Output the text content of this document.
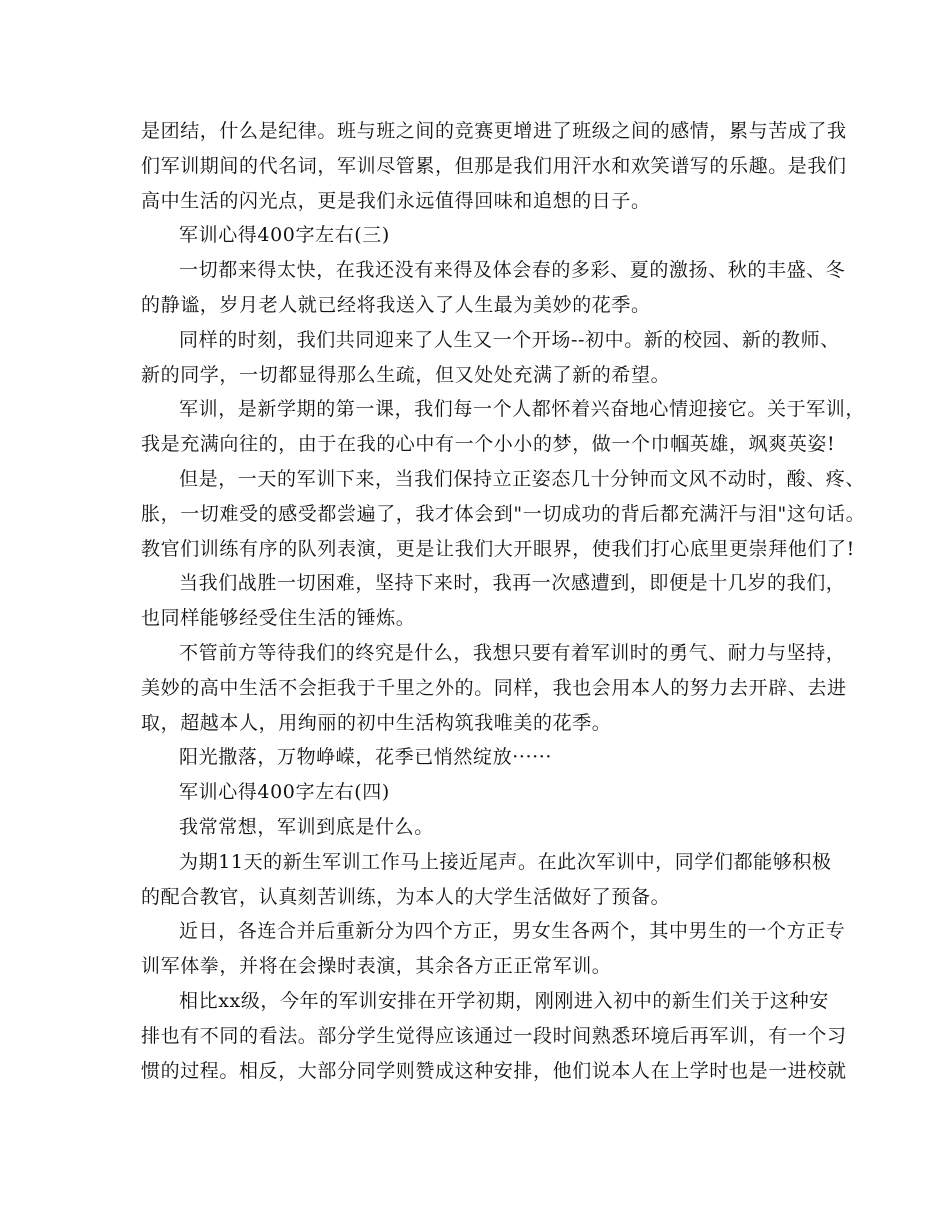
是团结，什么是纪律。班与班之间的竞赛更增进了班级之间的感情，累与苦成了我
们军训期间的代名词，军训尽管累，但那是我们用汗水和欢笑谱写的乐趣。是我们
高中生活的闪光点，更是我们永远值得回味和追想的日子。
军训心得400字左右(三)
一切都来得太快，在我还没有来得及体会春的多彩、夏的激扬、秋的丰盛、冬
的静谧，岁月老人就已经将我送入了人生最为美妙的花季。
同样的时刻，我们共同迎来了人生又一个开场--初中。新的校园、新的教师、
新的同学，一切都显得那么生疏，但又处处充满了新的希望。
军训，是新学期的第一课，我们每一个人都怀着兴奋地心情迎接它。关于军训，
我是充满向往的，由于在我的心中有一个小小的梦，做一个巾帼英雄，飒爽英姿!
但是，一天的军训下来，当我们保持立正姿态几十分钟而文风不动时，酸、疼、
胀，一切难受的感受都尝遍了，我才体会到"一切成功的背后都充满汗与泪"这句话。
教官们训练有序的队列表演，更是让我们大开眼界，使我们打心底里更崇拜他们了!
当我们战胜一切困难，坚持下来时，我再一次感遭到，即便是十几岁的我们，
也同样能够经受住生活的锤炼。
不管前方等待我们的终究是什么，我想只要有着军训时的勇气、耐力与坚持，
美妙的高中生活不会拒我于千里之外的。同样，我也会用本人的努力去开辟、去进
取，超越本人，用绚丽的初中生活构筑我唯美的花季。
阳光撒落，万物峥嵘，花季已悄然绽放······
军训心得400字左右(四)
我常常想，军训到底是什么。
为期11天的新生军训工作马上接近尾声。在此次军训中，同学们都能够积极
的配合教官，认真刻苦训练，为本人的大学生活做好了预备。
近日，各连合并后重新分为四个方正，男女生各两个，其中男生的一个方正专
训军体拳，并将在会操时表演，其余各方正正常军训。
相比xx级，今年的军训安排在开学初期，刚刚进入初中的新生们关于这种安
排也有不同的看法。部分学生觉得应该通过一段时间熟悉环境后再军训，有一个习
惯的过程。相反，大部分同学则赞成这种安排，他们说本人在上学时也是一进校就
